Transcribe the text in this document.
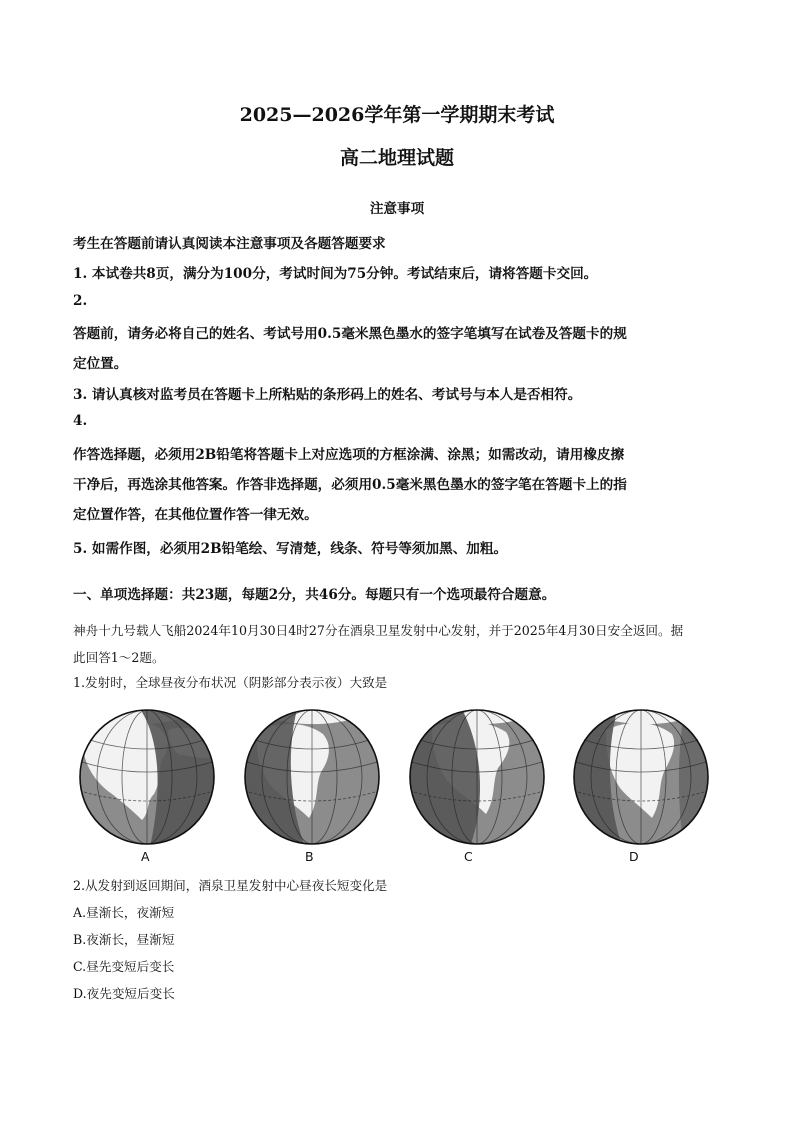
2025—2026学年第一学期期末考试
高二地理试题
注意事项
考生在答题前请认真阅读本注意事项及各题答题要求
1. 本试卷共8页，满分为100分，考试时间为75分钟。考试结束后，请将答题卡交回。
2.
答题前，请务必将自己的姓名、考试号用0.5毫米黑色墨水的签字笔填写在试卷及答题卡的规
定位置。
3. 请认真核对监考员在答题卡上所粘贴的条形码上的姓名、考试号与本人是否相符。
4.
作答选择题，必须用2B铅笔将答题卡上对应选项的方框涂满、涂黑；如需改动，请用橡皮擦
干净后，再选涂其他答案。作答非选择题，必须用0.5毫米黑色墨水的签字笔在答题卡上的指
定位置作答，在其他位置作答一律无效。
5. 如需作图，必须用2B铅笔绘、写清楚，线条、符号等须加黑、加粗。
一、单项选择题：共23题，每题2分，共46分。每题只有一个选项最符合题意。
神舟十九号载人飞船2024年10月30日4时27分在酒泉卫星发射中心发射，并于2025年4月30日安全返回。据
此回答1～2题。
1.发射时，全球昼夜分布状况（阴影部分表示夜）大致是
A	B	C	D
2.从发射到返回期间，酒泉卫星发射中心昼夜长短变化是
A.昼渐长，夜渐短
B.夜渐长，昼渐短
C.昼先变短后变长
D.夜先变短后变长
